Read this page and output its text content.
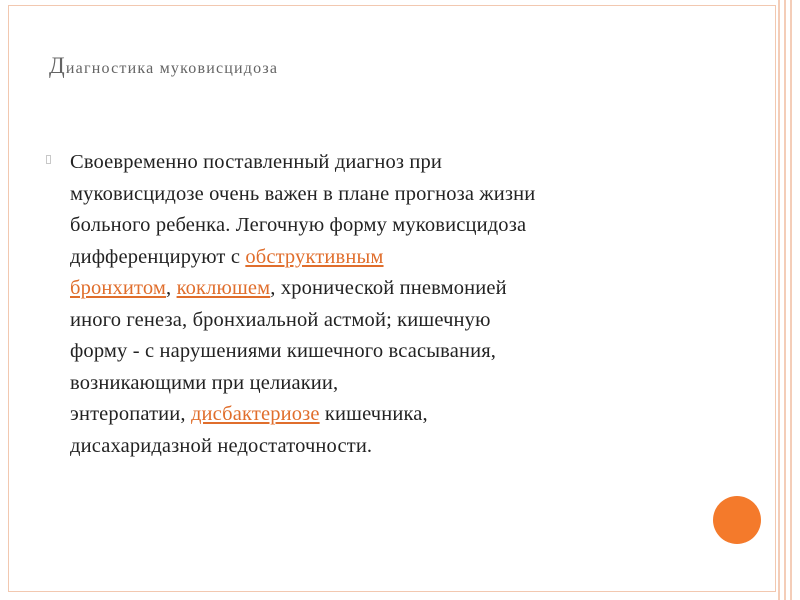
Диагностика муковисцидоза
Своевременно поставленный диагноз при
муковисцидозе очень важен в плане прогноза жизни
больного ребенка. Легочную форму муковисцидоза
дифференцируют с обструктивным
бронхитом, коклюшем, хронической пневмонией
иного генеза, бронхиальной астмой; кишечную
форму - с нарушениями кишечного всасывания,
возникающими при целиакии,
энтеропатии, дисбактериозе кишечника,
дисахаридазной недостаточности.
